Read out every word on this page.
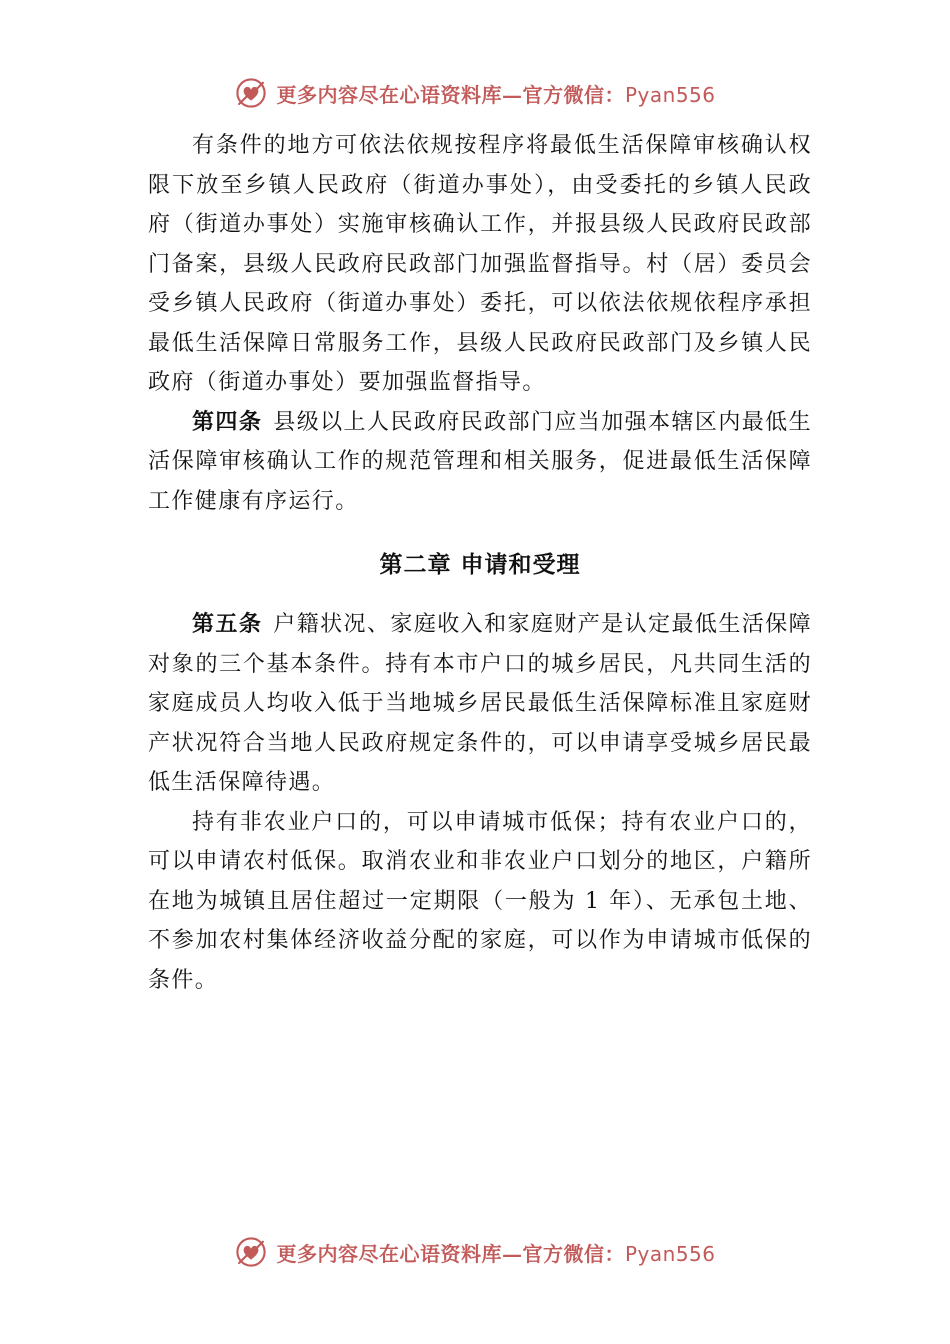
更多内容尽在心语资料库—官方微信：Pyan556

有条件的地方可依法依规按程序将最低生活保障审核确认权限下放至乡镇人民政府（街道办事处），由受委托的乡镇人民政府（街道办事处）实施审核确认工作，并报县级人民政府民政部门备案，县级人民政府民政部门加强监督指导。村（居）委员会受乡镇人民政府（街道办事处）委托，可以依法依规依程序承担最低生活保障日常服务工作，县级人民政府民政部门及乡镇人民政府（街道办事处）要加强监督指导。

第四条 县级以上人民政府民政部门应当加强本辖区内最低生活保障审核确认工作的规范管理和相关服务，促进最低生活保障工作健康有序运行。

第二章 申请和受理

第五条 户籍状况、家庭收入和家庭财产是认定最低生活保障对象的三个基本条件。持有本市户口的城乡居民，凡共同生活的家庭成员人均收入低于当地城乡居民最低生活保障标准且家庭财产状况符合当地人民政府规定条件的，可以申请享受城乡居民最低生活保障待遇。

持有非农业户口的，可以申请城市低保；持有农业户口的，可以申请农村低保。取消农业和非农业户口划分的地区，户籍所在地为城镇且居住超过一定期限（一般为 1 年）、无承包土地、不参加农村集体经济收益分配的家庭，可以作为申请城市低保的条件。

更多内容尽在心语资料库—官方微信：Pyan556
